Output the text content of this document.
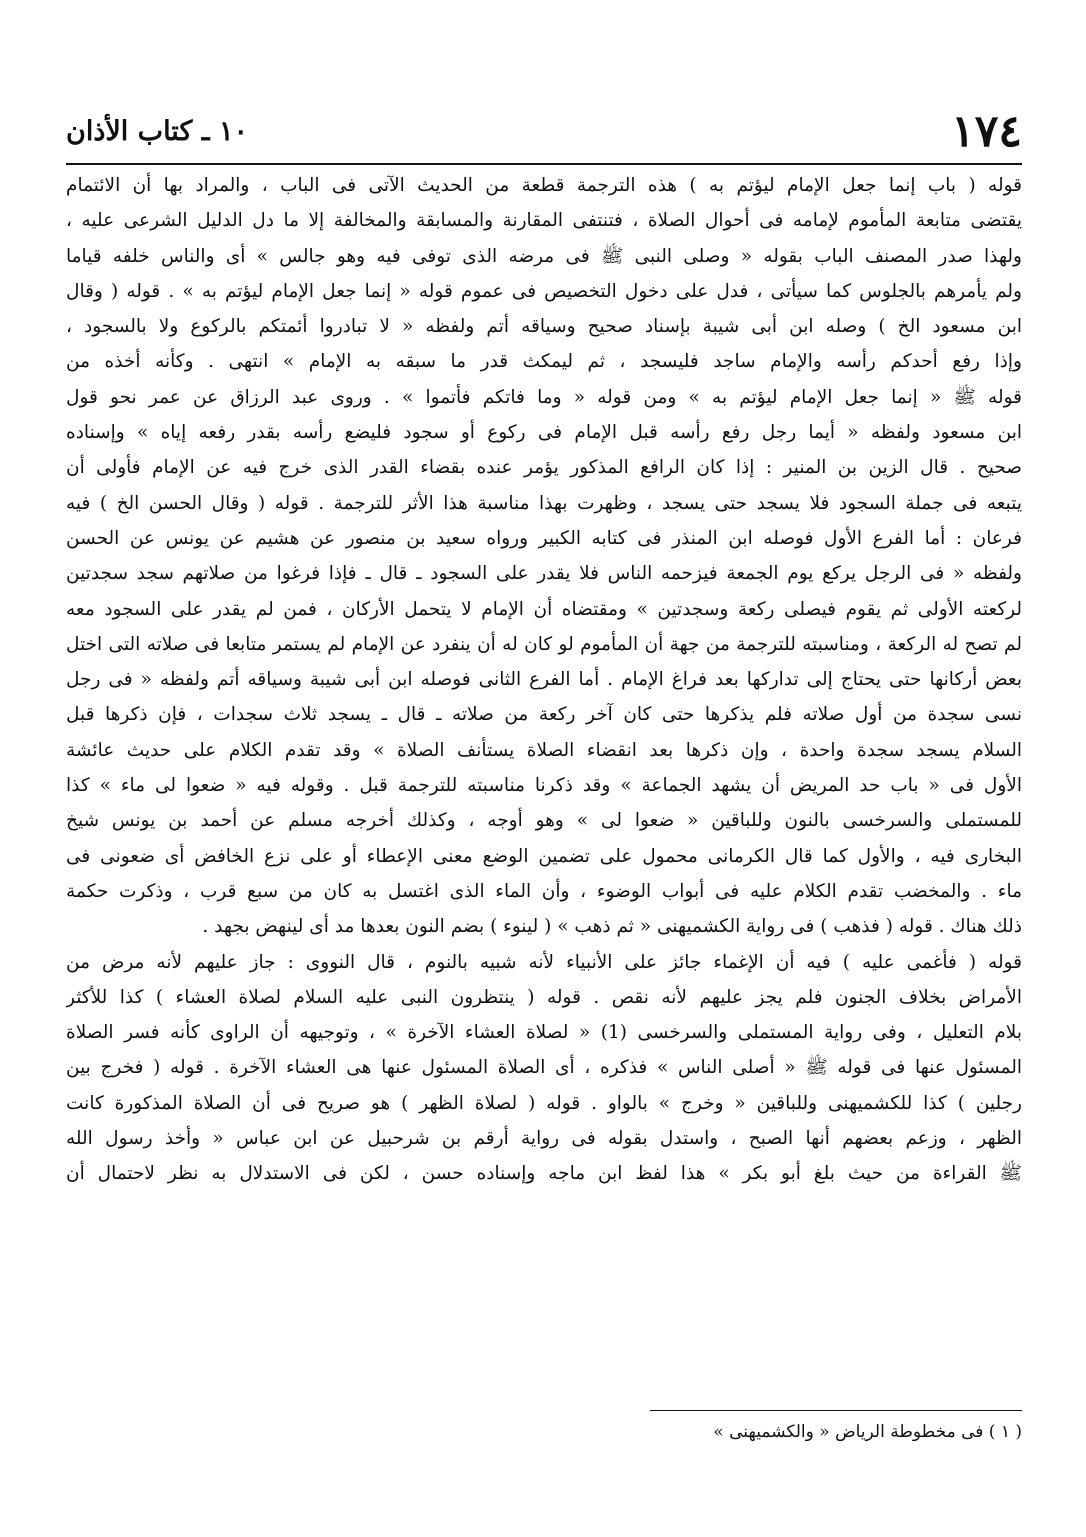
١٧٤
١٠ ـ كتاب الأذان
قوله ( باب إنما جعل الإمام ليؤتم به ) هذه الترجمة قطعة من الحديث الآتى فى الباب ، والمراد بها أن الائتمام
يقتضى متابعة المأموم لإمامه فى أحوال الصلاة ، فتنتفى المقارنة والمسابقة والمخالفة إلا ما دل الدليل الشرعى عليه ،
ولهذا صدر المصنف الباب بقوله « وصلى النبى ﷺ فى مرضه الذى توفى فيه وهو جالس » أى والناس خلفه قياما
ولم يأمرهم بالجلوس كما سيأتى ، فدل على دخول التخصيص فى عموم قوله « إنما جعل الإمام ليؤتم به » . قوله ( وقال
ابن مسعود الخ ) وصله ابن أبى شيبة بإسناد صحيح وسياقه أتم ولفظه « لا تبادروا أئمتكم بالركوع ولا بالسجود ،
وإذا رفع أحدكم رأسه والإمام ساجد فليسجد ، ثم ليمكث قدر ما سبقه به الإمام » انتهى . وكأنه أخذه من
قوله ﷺ « إنما جعل الإمام ليؤتم به » ومن قوله « وما فاتكم فأتموا » . وروى عبد الرزاق عن عمر نحو قول
ابن مسعود ولفظه « أيما رجل رفع رأسه قبل الإمام فى ركوع أو سجود فليضع رأسه بقدر رفعه إياه » وإسناده
صحيح . قال الزين بن المنير : إذا كان الرافع المذكور يؤمر عنده بقضاء القدر الذى خرج فيه عن الإمام فأولى أن
يتبعه فى جملة السجود فلا يسجد حتى يسجد ، وظهرت بهذا مناسبة هذا الأثر للترجمة . قوله ( وقال الحسن الخ ) فيه
فرعان : أما الفرع الأول فوصله ابن المنذر فى كتابه الكبير ورواه سعيد بن منصور عن هشيم عن يونس عن الحسن
ولفظه « فى الرجل يركع يوم الجمعة فيزحمه الناس فلا يقدر على السجود ـ قال ـ فإذا فرغوا من صلاتهم سجد سجدتين
لركعته الأولى ثم يقوم فيصلى ركعة وسجدتين » ومقتضاه أن الإمام لا يتحمل الأركان ، فمن لم يقدر على السجود معه
لم تصح له الركعة ، ومناسبته للترجمة من جهة أن المأموم لو كان له أن ينفرد عن الإمام لم يستمر متابعا فى صلاته التى اختل
بعض أركانها حتى يحتاج إلى تداركها بعد فراغ الإمام . أما الفرع الثانى فوصله ابن أبى شيبة وسياقه أتم ولفظه « فى رجل
نسى سجدة من أول صلاته فلم يذكرها حتى كان آخر ركعة من صلاته ـ قال ـ يسجد ثلاث سجدات ، فإن ذكرها قبل
السلام يسجد سجدة واحدة ، وإن ذكرها بعد انقضاء الصلاة يستأنف الصلاة » وقد تقدم الكلام على حديث عائشة
الأول فى « باب حد المريض أن يشهد الجماعة » وقد ذكرنا مناسبته للترجمة قبل . وقوله فيه « ضعوا لى ماء » كذا
للمستملى والسرخسى بالنون وللباقين « ضعوا لى » وهو أوجه ، وكذلك أخرجه مسلم عن أحمد بن يونس شيخ
البخارى فيه ، والأول كما قال الكرمانى محمول على تضمين الوضع معنى الإعطاء أو على نزع الخافض أى ضعونى فى
ماء . والمخضب تقدم الكلام عليه فى أبواب الوضوء ، وأن الماء الذى اغتسل به كان من سبع قرب ، وذكرت حكمة
ذلك هناك . قوله ( فذهب ) فى رواية الكشميهنى « ثم ذهب » ( لينوء ) بضم النون بعدها مد أى لينهض بجهد .
قوله ( فأغمى عليه ) فيه أن الإغماء جائز على الأنبياء لأنه شبيه بالنوم ، قال النووى : جاز عليهم لأنه مرض من
الأمراض بخلاف الجنون فلم يجز عليهم لأنه نقص . قوله ( ينتظرون النبى عليه السلام لصلاة العشاء ) كذا للأكثر
بلام التعليل ، وفى رواية المستملى والسرخسى (1) « لصلاة العشاء الآخرة » ، وتوجيهه أن الراوى كأنه فسر الصلاة
المسئول عنها فى قوله ﷺ « أصلى الناس » فذكره ، أى الصلاة المسئول عنها هى العشاء الآخرة . قوله ( فخرج بين
رجلين ) كذا للكشميهنى وللباقين « وخرج » بالواو . قوله ( لصلاة الظهر ) هو صريح فى أن الصلاة المذكورة كانت
الظهر ، وزعم بعضهم أنها الصبح ، واستدل بقوله فى رواية أرقم بن شرحبيل عن ابن عباس « وأخذ رسول الله
ﷺ القراءة من حيث بلغ أبو بكر » هذا لفظ ابن ماجه وإسناده حسن ، لكن فى الاستدلال به نظر لاحتمال أن
( ١ ) فى مخطوطة الرياض « والكشميهنى »
